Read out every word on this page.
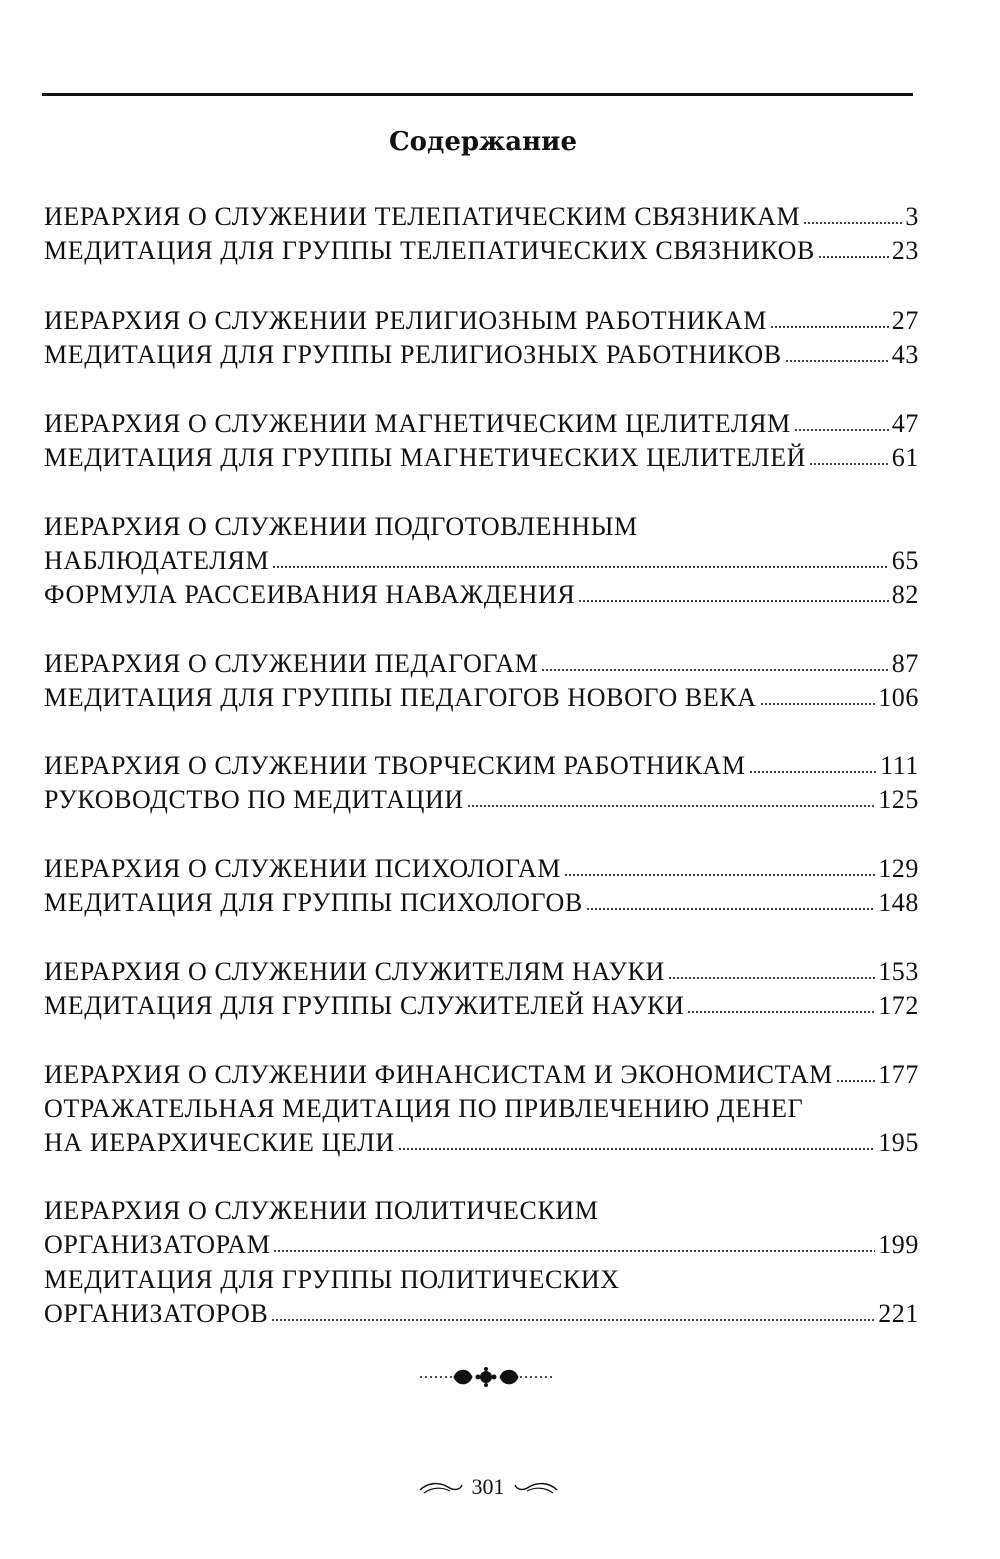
Содержание
ИЕРАРХИЯ О СЛУЖЕНИИ ТЕЛЕПАТИЧЕСКИМ СВЯЗНИКАМ	3
МЕДИТАЦИЯ ДЛЯ ГРУППЫ ТЕЛЕПАТИЧЕСКИХ СВЯЗНИКОВ	23
ИЕРАРХИЯ О СЛУЖЕНИИ РЕЛИГИОЗНЫМ РАБОТНИКАМ	27
МЕДИТАЦИЯ ДЛЯ ГРУППЫ РЕЛИГИОЗНЫХ РАБОТНИКОВ	43
ИЕРАРХИЯ О СЛУЖЕНИИ МАГНЕТИЧЕСКИМ ЦЕЛИТЕЛЯМ	47
МЕДИТАЦИЯ ДЛЯ ГРУППЫ МАГНЕТИЧЕСКИХ ЦЕЛИТЕЛЕЙ	61
ИЕРАРХИЯ О СЛУЖЕНИИ ПОДГОТОВЛЕННЫМ
НАБЛЮДАТЕЛЯМ	65
ФОРМУЛА РАССЕИВАНИЯ НАВАЖДЕНИЯ	82
ИЕРАРХИЯ О СЛУЖЕНИИ ПЕДАГОГАМ	87
МЕДИТАЦИЯ ДЛЯ ГРУППЫ ПЕДАГОГОВ НОВОГО ВЕКА	106
ИЕРАРХИЯ О СЛУЖЕНИИ ТВОРЧЕСКИМ РАБОТНИКАМ	111
РУКОВОДСТВО ПО МЕДИТАЦИИ	125
ИЕРАРХИЯ О СЛУЖЕНИИ ПСИХОЛОГАМ	129
МЕДИТАЦИЯ ДЛЯ ГРУППЫ ПСИХОЛОГОВ	148
ИЕРАРХИЯ О СЛУЖЕНИИ СЛУЖИТЕЛЯМ НАУКИ	153
МЕДИТАЦИЯ ДЛЯ ГРУППЫ СЛУЖИТЕЛЕЙ НАУКИ	172
ИЕРАРХИЯ О СЛУЖЕНИИ ФИНАНСИСТАМ И ЭКОНОМИСТАМ 177
ОТРАЖАТЕЛЬНАЯ МЕДИТАЦИЯ ПО ПРИВЛЕЧЕНИЮ ДЕНЕГ
НА ИЕРАРХИЧЕСКИЕ ЦЕЛИ	195
ИЕРАРХИЯ О СЛУЖЕНИИ ПОЛИТИЧЕСКИМ
ОРГАНИЗАТОРАМ	199
МЕДИТАЦИЯ ДЛЯ ГРУППЫ ПОЛИТИЧЕСКИХ
ОРГАНИЗАТОРОВ	221
301
